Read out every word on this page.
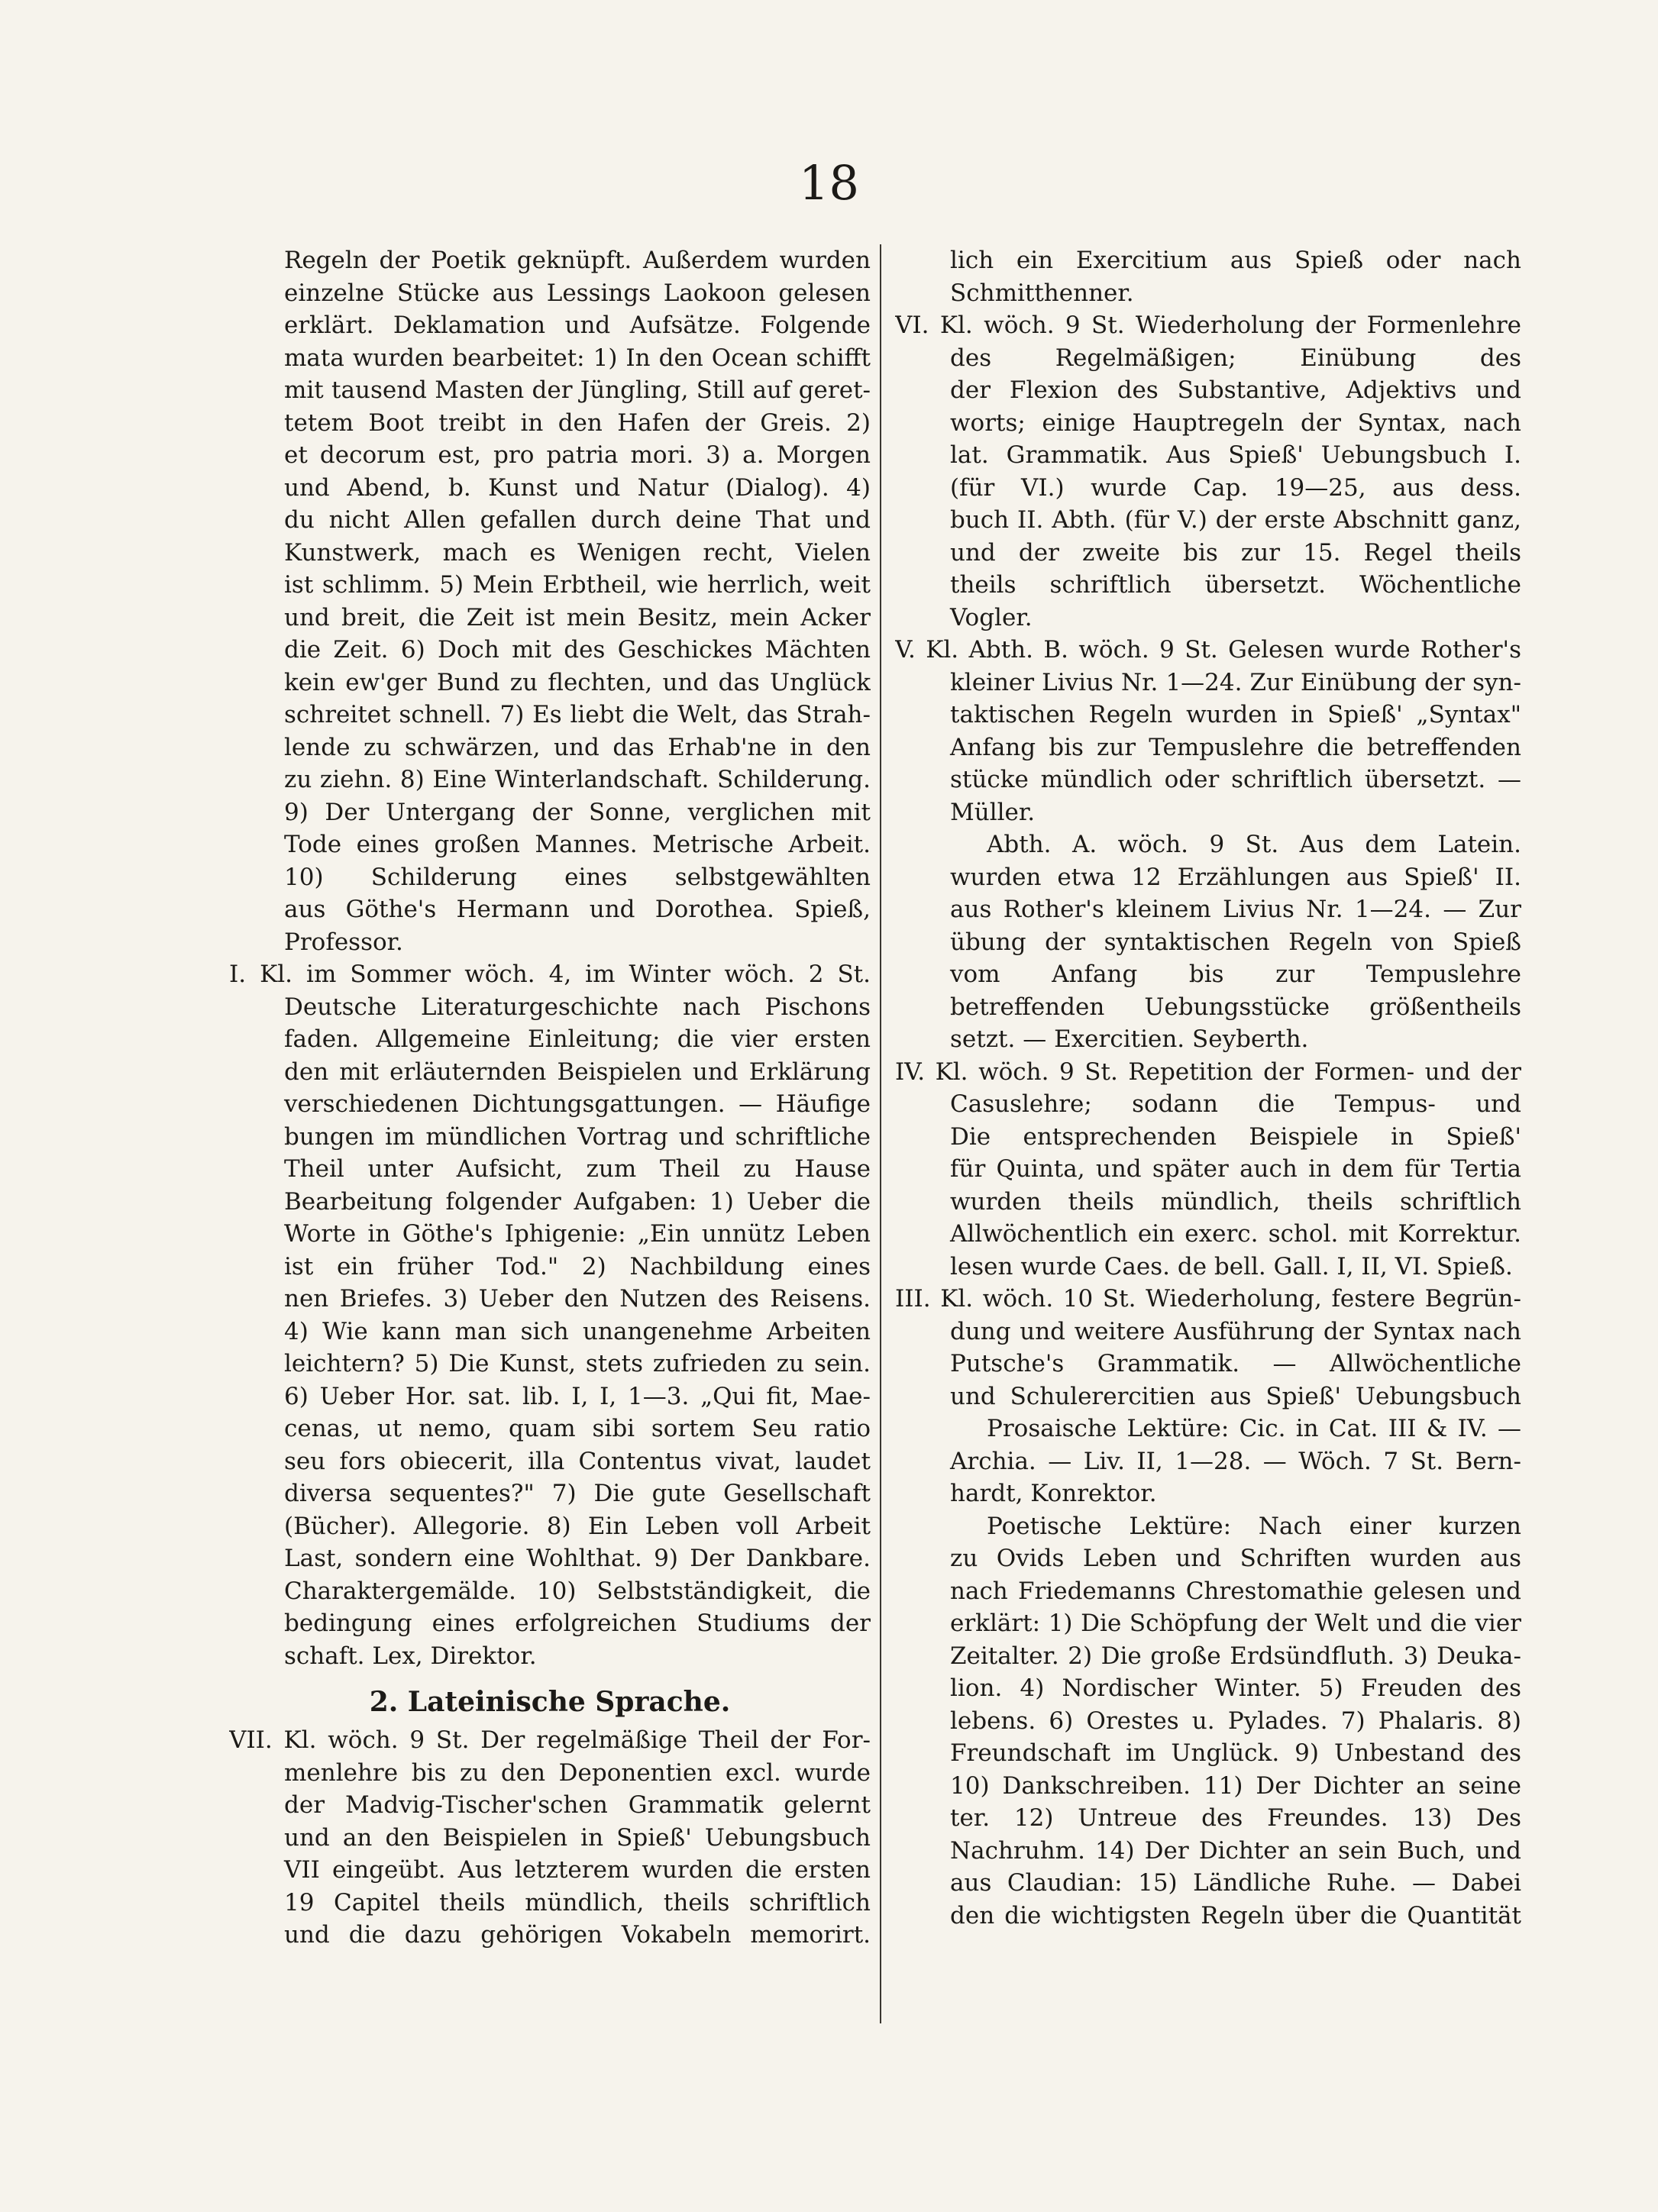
18
Regeln der Poetik geknüpft. Außerdem wurden
einzelne Stücke aus Lessings Laokoon gelesen
erklärt. Deklamation und Aufsätze. Folgende
mata wurden bearbeitet: 1) In den Ocean schifft
mit tausend Masten der Jüngling, Still auf geret-
tetem Boot treibt in den Hafen der Greis. 2)
et decorum est, pro patria mori. 3) a. Morgen
und Abend, b. Kunst und Natur (Dialog). 4)
du nicht Allen gefallen durch deine That und
Kunstwerk, mach es Wenigen recht, Vielen
ist schlimm. 5) Mein Erbtheil, wie herrlich, weit
und breit, die Zeit ist mein Besitz, mein Acker
die Zeit. 6) Doch mit des Geschickes Mächten
kein ew'ger Bund zu flechten, und das Unglück
schreitet schnell. 7) Es liebt die Welt, das Strah-
lende zu schwärzen, und das Erhab'ne in den
zu ziehn. 8) Eine Winterlandschaft. Schilderung.
9) Der Untergang der Sonne, verglichen mit
Tode eines großen Mannes. Metrische Arbeit.
10) Schilderung eines selbstgewählten
aus Göthe's Hermann und Dorothea. Spieß,
Professor.
I. Kl. im Sommer wöch. 4, im Winter wöch. 2 St.
Deutsche Literaturgeschichte nach Pischons
faden. Allgemeine Einleitung; die vier ersten
den mit erläuternden Beispielen und Erklärung
verschiedenen Dichtungsgattungen. — Häufige
bungen im mündlichen Vortrag und schriftliche
Theil unter Aufsicht, zum Theil zu Hause
Bearbeitung folgender Aufgaben: 1) Ueber die
Worte in Göthe's Iphigenie: „Ein unnütz Leben
ist ein früher Tod." 2) Nachbildung eines
nen Briefes. 3) Ueber den Nutzen des Reisens.
4) Wie kann man sich unangenehme Arbeiten
leichtern? 5) Die Kunst, stets zufrieden zu sein.
6) Ueber Hor. sat. lib. I, I, 1—3. „Qui fit, Mae-
cenas, ut nemo, quam sibi sortem Seu ratio
seu fors obiecerit, illa Contentus vivat, laudet
diversa sequentes?" 7) Die gute Gesellschaft
(Bücher). Allegorie. 8) Ein Leben voll Arbeit
Last, sondern eine Wohlthat. 9) Der Dankbare.
Charaktergemälde. 10) Selbstständigkeit, die
bedingung eines erfolgreichen Studiums der
schaft. Lex, Direktor.
2. Lateinische Sprache.
VII. Kl. wöch. 9 St. Der regelmäßige Theil der For-
menlehre bis zu den Deponentien excl. wurde
der Madvig-Tischer'schen Grammatik gelernt
und an den Beispielen in Spieß' Uebungsbuch
VII eingeübt. Aus letzterem wurden die ersten
19 Capitel theils mündlich, theils schriftlich
und die dazu gehörigen Vokabeln memorirt.
lich ein Exercitium aus Spieß oder nach
Schmitthenner.
VI. Kl. wöch. 9 St. Wiederholung der Formenlehre
des Regelmäßigen; Einübung des
der Flexion des Substantive, Adjektivs und
worts; einige Hauptregeln der Syntax, nach
lat. Grammatik. Aus Spieß' Uebungsbuch I.
(für VI.) wurde Cap. 19—25, aus dess.
buch II. Abth. (für V.) der erste Abschnitt ganz,
und der zweite bis zur 15. Regel theils
theils schriftlich übersetzt. Wöchentliche
Vogler.
V. Kl. Abth. B. wöch. 9 St. Gelesen wurde Rother's
kleiner Livius Nr. 1—24. Zur Einübung der syn-
taktischen Regeln wurden in Spieß' „Syntax"
Anfang bis zur Tempuslehre die betreffenden
stücke mündlich oder schriftlich übersetzt. —
Müller.
Abth. A. wöch. 9 St. Aus dem Latein.
wurden etwa 12 Erzählungen aus Spieß' II.
aus Rother's kleinem Livius Nr. 1—24. — Zur
übung der syntaktischen Regeln von Spieß
vom Anfang bis zur Tempuslehre
betreffenden Uebungsstücke größentheils
setzt. — Exercitien. Seyberth.
IV. Kl. wöch. 9 St. Repetition der Formen- und der
Casuslehre; sodann die Tempus- und
Die entsprechenden Beispiele in Spieß'
für Quinta, und später auch in dem für Tertia
wurden theils mündlich, theils schriftlich
Allwöchentlich ein exerc. schol. mit Korrektur.
lesen wurde Caes. de bell. Gall. I, II, VI. Spieß.
III. Kl. wöch. 10 St. Wiederholung, festere Begrün-
dung und weitere Ausführung der Syntax nach
Putsche's Grammatik. — Allwöchentliche
und Schulerercitien aus Spieß' Uebungsbuch
Prosaische Lektüre: Cic. in Cat. III & IV. —
Archia. — Liv. II, 1—28. — Wöch. 7 St. Bern-
hardt, Konrektor.
Poetische Lektüre: Nach einer kurzen
zu Ovids Leben und Schriften wurden aus
nach Friedemanns Chrestomathie gelesen und
erklärt: 1) Die Schöpfung der Welt und die vier
Zeitalter. 2) Die große Erdsündfluth. 3) Deuka-
lion. 4) Nordischer Winter. 5) Freuden des
lebens. 6) Orestes u. Pylades. 7) Phalaris. 8)
Freundschaft im Unglück. 9) Unbestand des
10) Dankschreiben. 11) Der Dichter an seine
ter. 12) Untreue des Freundes. 13) Des
Nachruhm. 14) Der Dichter an sein Buch, und
aus Claudian: 15) Ländliche Ruhe. — Dabei
den die wichtigsten Regeln über die Quantität
